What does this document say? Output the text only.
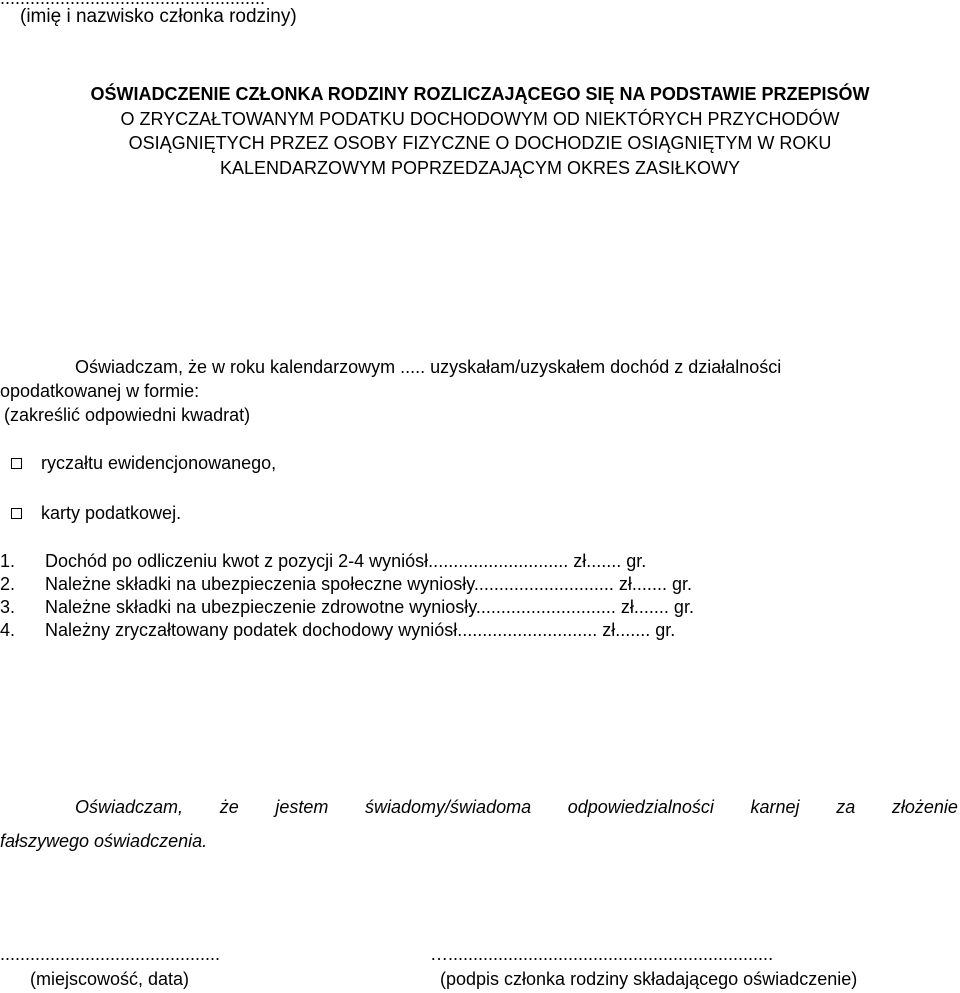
(imię i nazwisko członka rodziny)
OŚWIADCZENIE CZŁONKA RODZINY ROZLICZAJĄCEGO SIĘ NA PODSTAWIE PRZEPISÓW
O ZRYCZAŁTOWANYM PODATKU DOCHODOWYM OD NIEKTÓRYCH PRZYCHODÓW
OSIĄGNIĘTYCH PRZEZ OSOBY FIZYCZNE O DOCHODZIE OSIĄGNIĘTYM W ROKU
KALENDARZOWYM POPRZEDZAJĄCYM OKRES ZASIŁKOWY
Oświadczam, że w roku kalendarzowym ..... uzyskałam/uzyskałem dochód z działalności
opodatkowanej w formie:
(zakreślić odpowiedni kwadrat)
ryczałtu ewidencjonowanego,
karty podatkowej.
1.	Dochód po odliczeniu kwot z pozycji 2-4 wyniósł............................ zł....... gr.
2.	Należne składki na ubezpieczenia społeczne wyniosły............................ zł....... gr.
3.	Należne składki na ubezpieczenie zdrowotne wyniosły............................ zł....... gr.
4.	Należny zryczałtowany podatek dochodowy wyniósł............................ zł....... gr.
Oświadczam, że jestem świadomy/świadoma odpowiedzialności karnej za złożenie
fałszywego oświadczenia.
............................................	….................................................................
(miejscowość, data)	(podpis członka rodziny składającego oświadczenie)
